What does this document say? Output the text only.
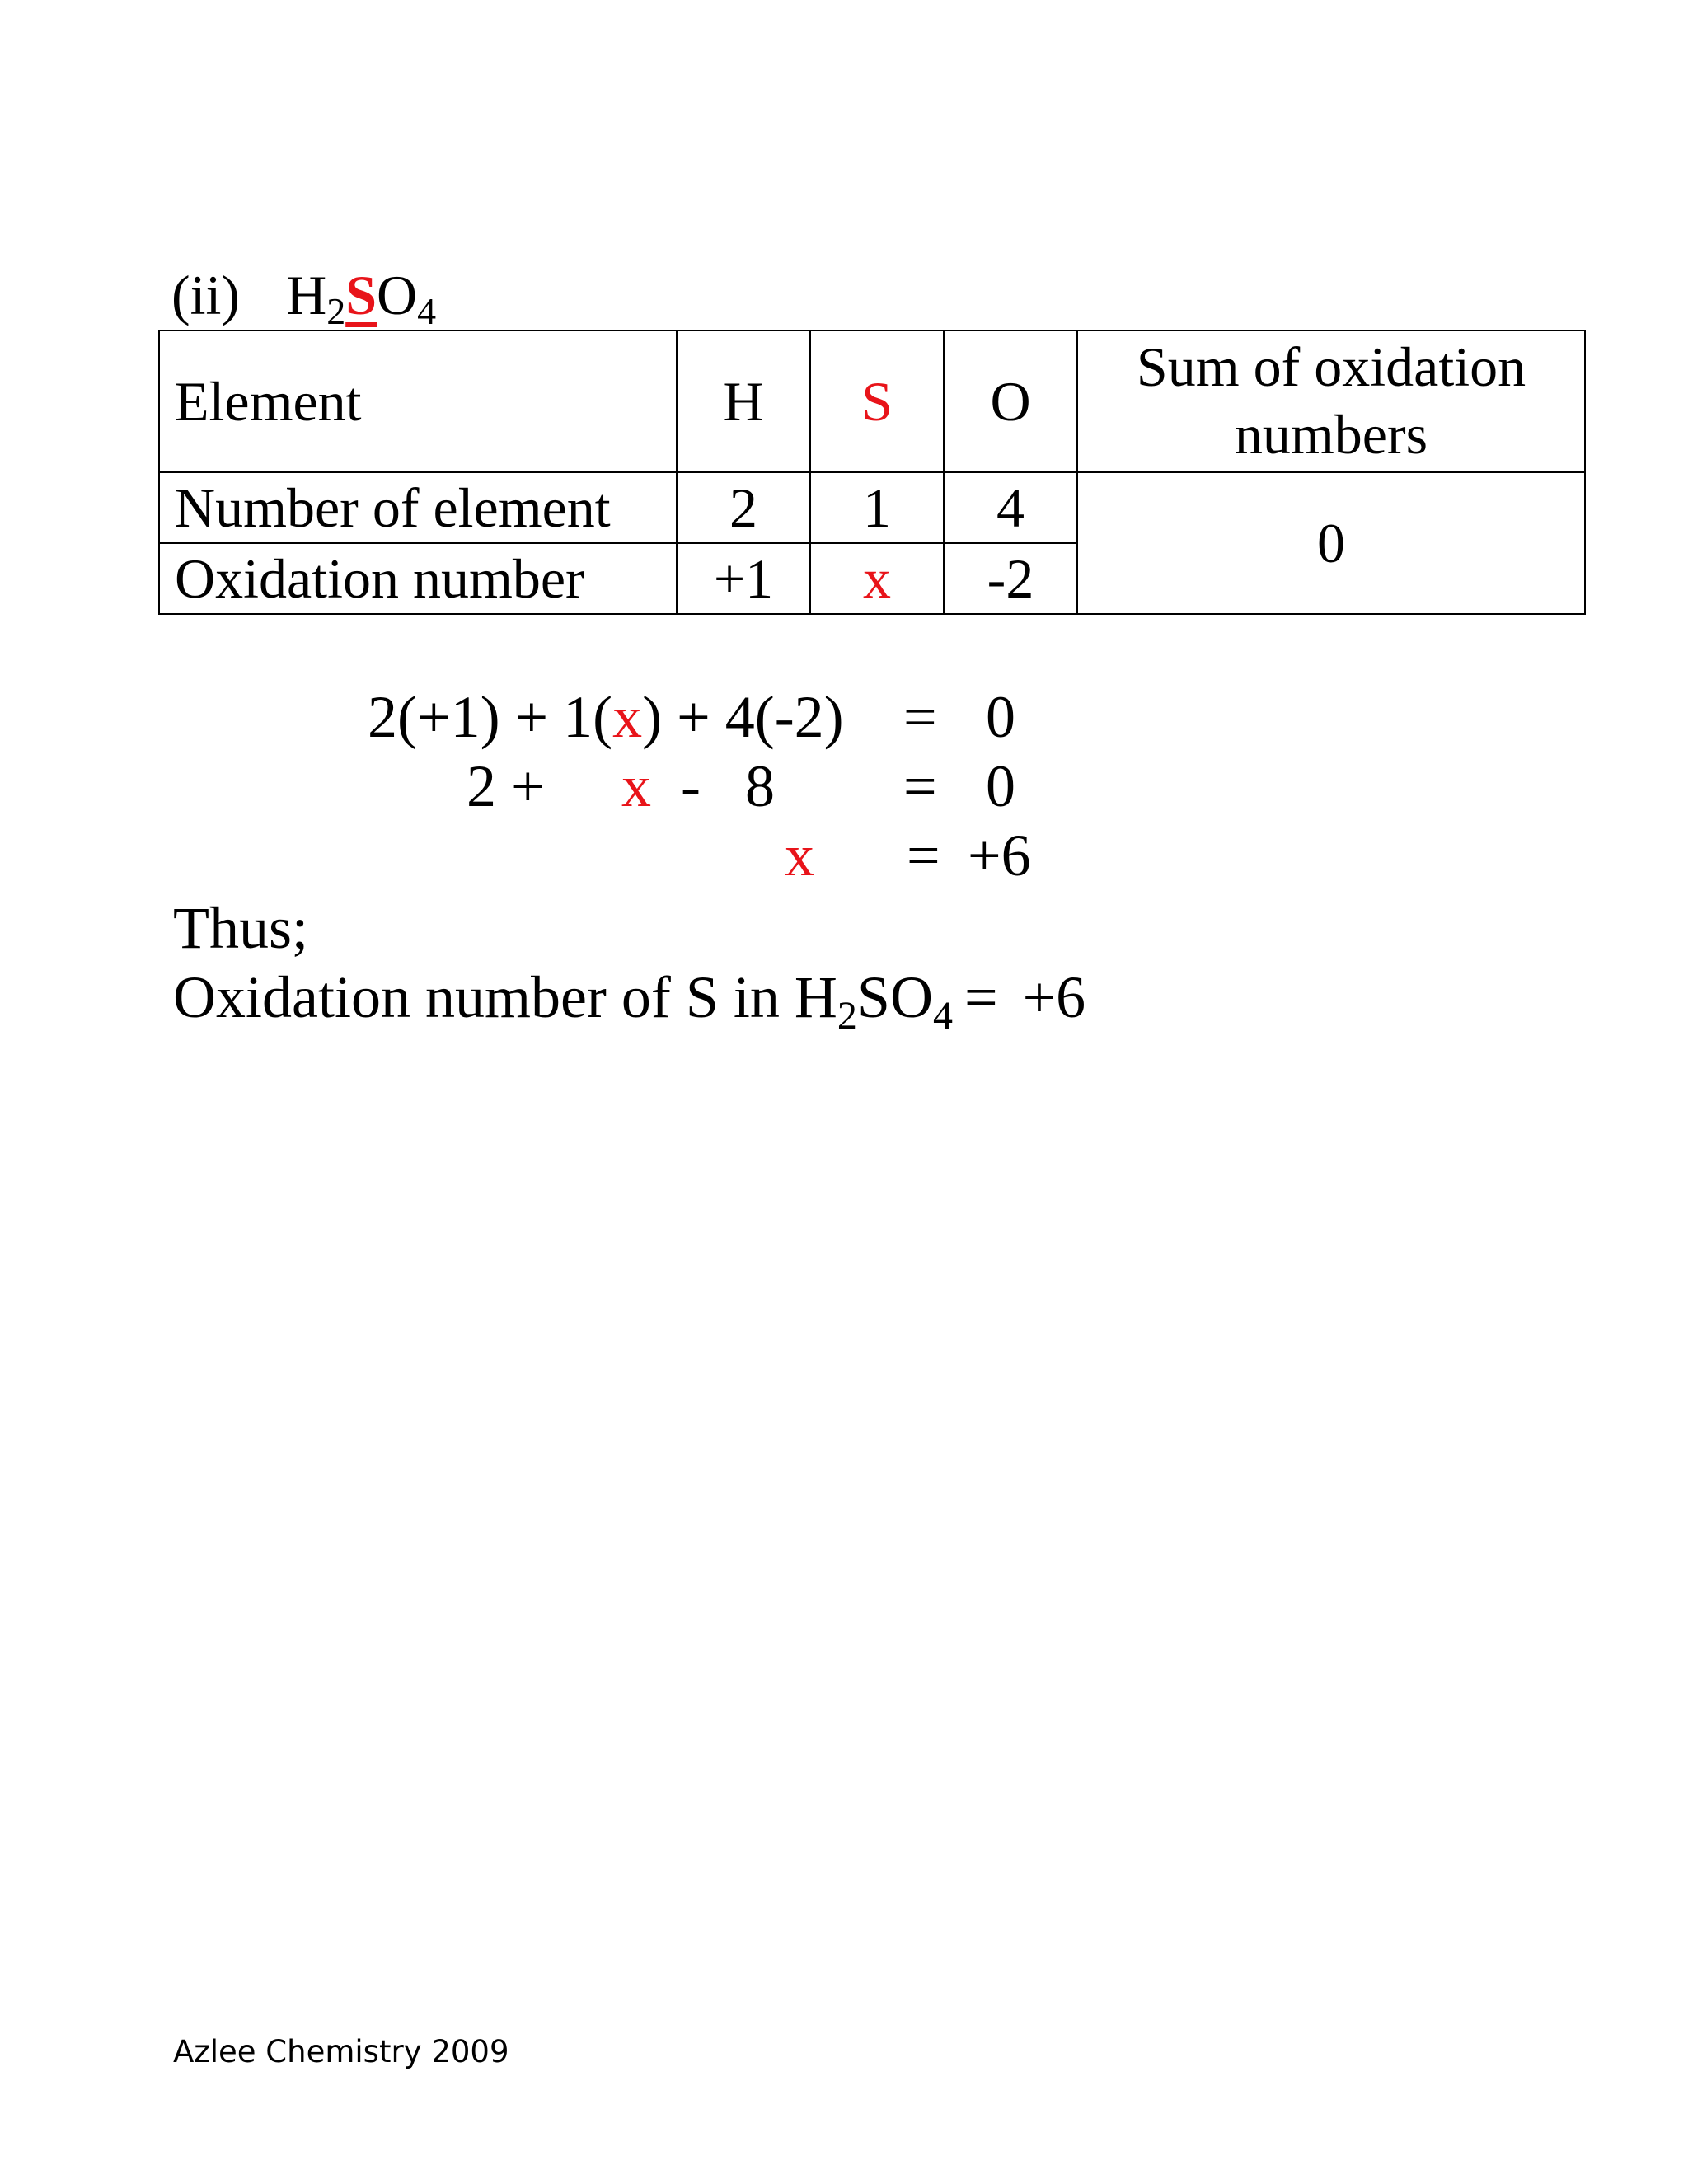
(ii) H2SO4
Element	H	S	O	Sum of oxidation numbers

Number of element	2	1	4	0
Oxidation number	+1	x	-2	
2(+1) + 1(x) + 4(-2) = 0
2 + x -   8 = 0
x = +6
Thus;
Oxidation number of S in H2SO4 = +6
Azlee Chemistry 2009
